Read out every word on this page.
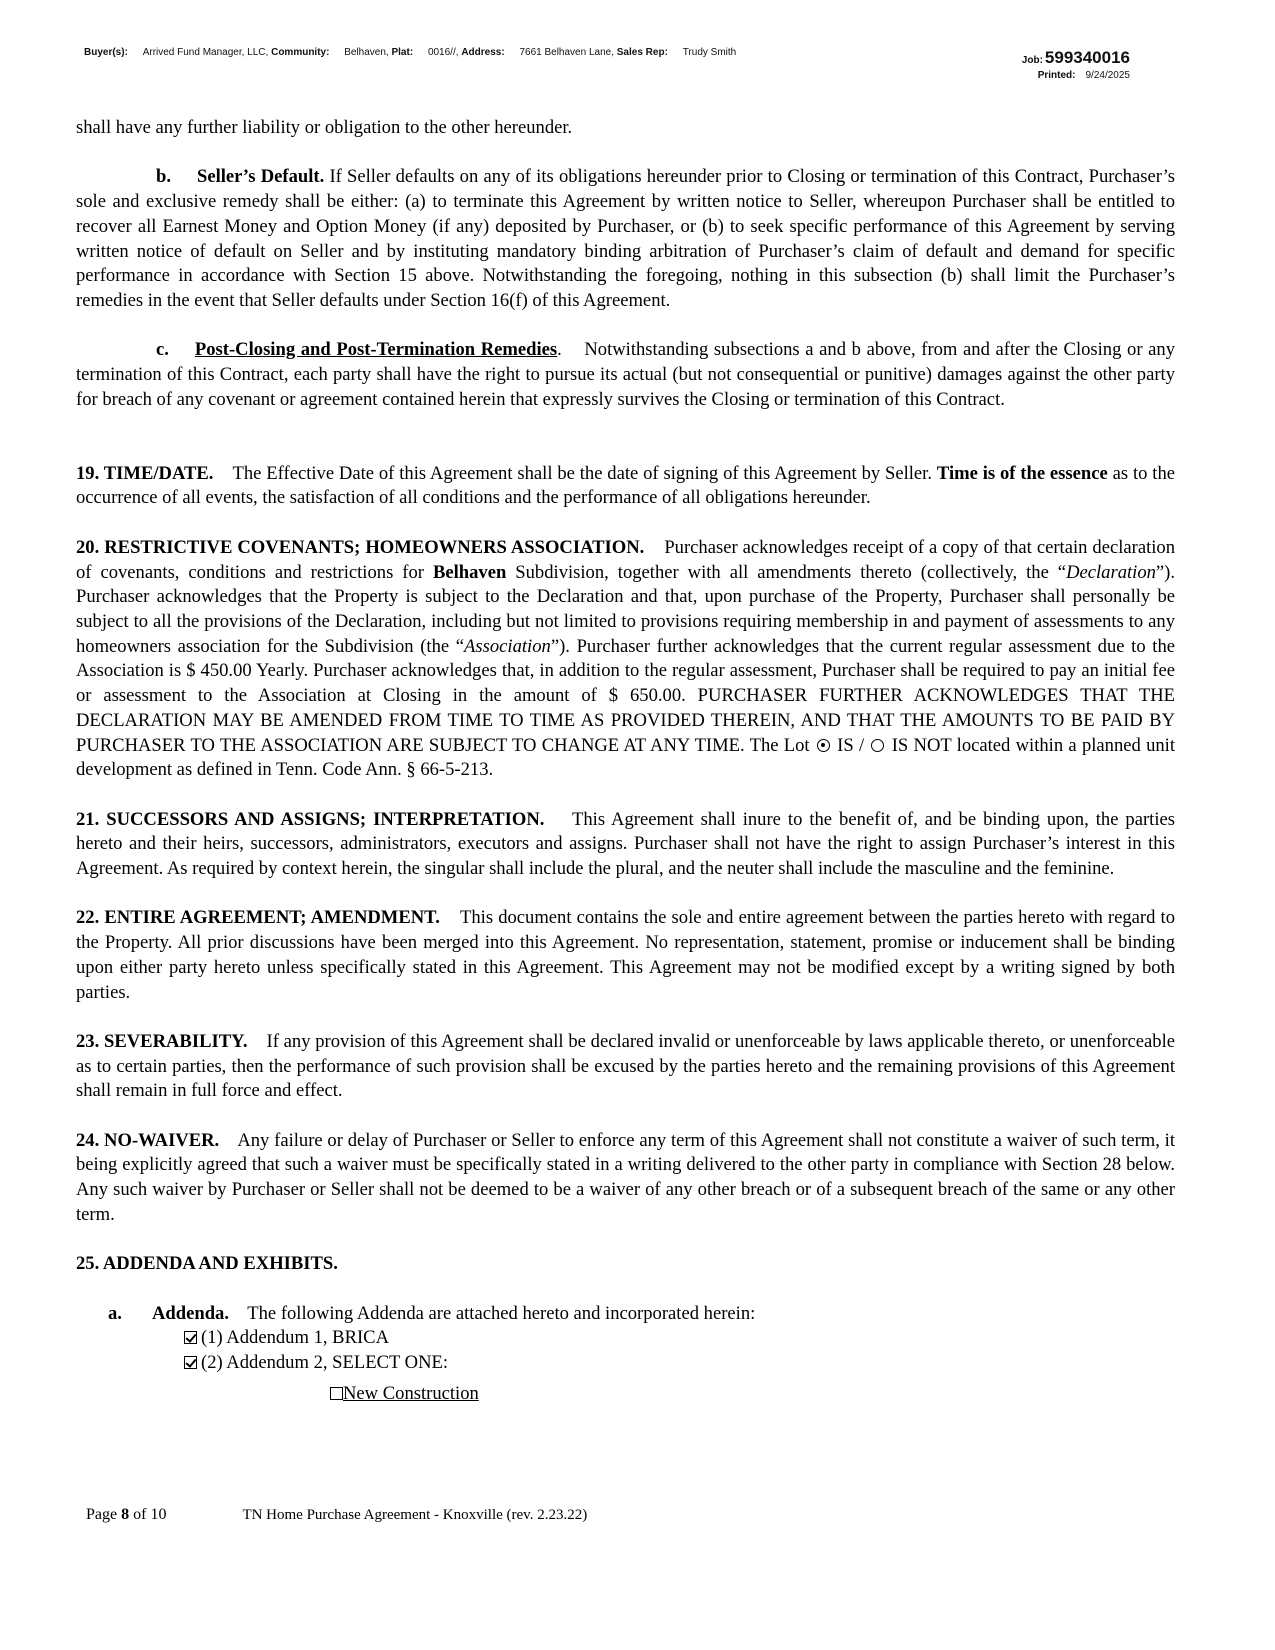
Buyer(s): Arrived Fund Manager, LLC, Community: Belhaven, Plat: 0016//, Address: 7661 Belhaven Lane, Sales Rep: Trudy Smith
Job: 599340016
Printed: 9/24/2025

shall have any further liability or obligation to the other hereunder.

b. Seller’s Default. If Seller defaults on any of its obligations hereunder prior to Closing or termination of this Contract, Purchaser’s sole and exclusive remedy shall be either: (a) to terminate this Agreement by written notice to Seller, whereupon Purchaser shall be entitled to recover all Earnest Money and Option Money (if any) deposited by Purchaser, or (b) to seek specific performance of this Agreement by serving written notice of default on Seller and by instituting mandatory binding arbitration of Purchaser’s claim of default and demand for specific performance in accordance with Section 15 above. Notwithstanding the foregoing, nothing in this subsection (b) shall limit the Purchaser’s remedies in the event that Seller defaults under Section 16(f) of this Agreement.

c. Post-Closing and Post-Termination Remedies.    Notwithstanding subsections a and b above, from and after the Closing or any termination of this Contract, each party shall have the right to pursue its actual (but not consequential or punitive) damages against the other party for breach of any covenant or agreement contained herein that expressly survives the Closing or termination of this Contract.

19. TIME/DATE. The Effective Date of this Agreement shall be the date of signing of this Agreement by Seller. Time is of the essence as to the occurrence of all events, the satisfaction of all conditions and the performance of all obligations hereunder.

20. RESTRICTIVE COVENANTS; HOMEOWNERS ASSOCIATION. Purchaser acknowledges receipt of a copy of that certain declaration of covenants, conditions and restrictions for Belhaven Subdivision, together with all amendments thereto (collectively, the “Declaration”). Purchaser acknowledges that the Property is subject to the Declaration and that, upon purchase of the Property, Purchaser shall personally be subject to all the provisions of the Declaration, including but not limited to provisions requiring membership in and payment of assessments to any homeowners association for the Subdivision (the “Association”). Purchaser further acknowledges that the current regular assessment due to the Association is $ 450.00 Yearly. Purchaser acknowledges that, in addition to the regular assessment, Purchaser shall be required to pay an initial fee or assessment to the Association at Closing in the amount of $ 650.00. PURCHASER FURTHER ACKNOWLEDGES THAT THE DECLARATION MAY BE AMENDED FROM TIME TO TIME AS PROVIDED THEREIN, AND THAT THE AMOUNTS TO BE PAID BY PURCHASER TO THE ASSOCIATION ARE SUBJECT TO CHANGE AT ANY TIME. The Lot IS / IS NOT located within a planned unit development as defined in Tenn. Code Ann. § 66-5-213.

21. SUCCESSORS AND ASSIGNS; INTERPRETATION. This Agreement shall inure to the benefit of, and be binding upon, the parties hereto and their heirs, successors, administrators, executors and assigns. Purchaser shall not have the right to assign Purchaser’s interest in this Agreement. As required by context herein, the singular shall include the plural, and the neuter shall include the masculine and the feminine.

22. ENTIRE AGREEMENT; AMENDMENT. This document contains the sole and entire agreement between the parties hereto with regard to the Property. All prior discussions have been merged into this Agreement. No representation, statement, promise or inducement shall be binding upon either party hereto unless specifically stated in this Agreement. This Agreement may not be modified except by a writing signed by both parties.

23. SEVERABILITY. If any provision of this Agreement shall be declared invalid or unenforceable by laws applicable thereto, or unenforceable as to certain parties, then the performance of such provision shall be excused by the parties hereto and the remaining provisions of this Agreement shall remain in full force and effect.

24. NO-WAIVER. Any failure or delay of Purchaser or Seller to enforce any term of this Agreement shall not constitute a waiver of such term, it being explicitly agreed that such a waiver must be specifically stated in a writing delivered to the other party in compliance with Section 28 below. Any such waiver by Purchaser or Seller shall not be deemed to be a waiver of any other breach or of a subsequent breach of the same or any other term.

25. ADDENDA AND EXHIBITS.

a. Addenda. The following Addenda are attached hereto and incorporated herein:
(1) Addendum 1, BRICA
(2) Addendum 2, SELECT ONE:
New Construction
Page 8 of 10	TN Home Purchase Agreement - Knoxville (rev. 2.23.22)
